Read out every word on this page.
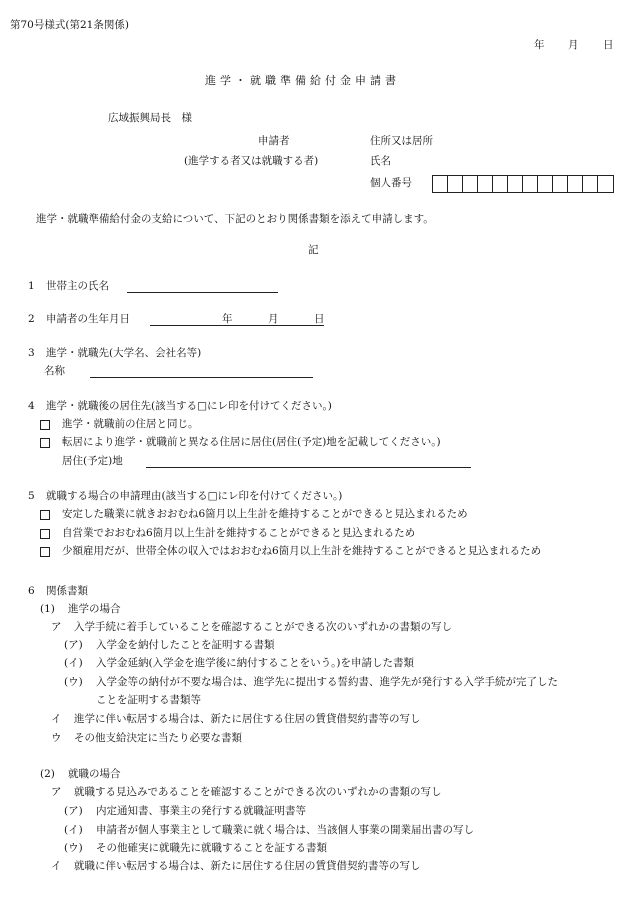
第70号様式(第21条関係)
年 月 日
進学・就職準備給付金申請書
広域振興局長　様
申請者
(進学する者又は就職する者)
住所又は居所
氏名
個人番号
進学・就職準備給付金の支給について、下記のとおり関係書類を添えて申請します。
記
1 世帯主の氏名
2 申請者の生年月日	年	月	日
3 進学・就職先(大学名、会社名等)
名称
4 進学・就職後の居住先(該当する□にレ印を付けてください。)
進学・就職前の住居と同じ。
転居により進学・就職前と異なる住居に居住(居住(予定)地を記載してください。)
居住(予定)地
5 就職する場合の申請理由(該当する□にレ印を付けてください。)
安定した職業に就きおおむね6箇月以上生計を維持することができると見込まれるため
自営業でおおむね6箇月以上生計を維持することができると見込まれるため
少額雇用だが、世帯全体の収入ではおおむね6箇月以上生計を維持することができると見込まれるため
6 関係書類
(1) 進学の場合
ア 入学手続に着手していることを確認することができる次のいずれかの書類の写し
(ア) 入学金を納付したことを証明する書類
(イ) 入学金延納(入学金を進学後に納付することをいう。)を申請した書類
(ウ) 入学金等の納付が不要な場合は、進学先に提出する誓約書、進学先が発行する入学手続が完了した
ことを証明する書類等
イ 進学に伴い転居する場合は、新たに居住する住居の賃貸借契約書等の写し
ウ その他支給決定に当たり必要な書類
(2) 就職の場合
ア 就職する見込みであることを確認することができる次のいずれかの書類の写し
(ア) 内定通知書、事業主の発行する就職証明書等
(イ) 申請者が個人事業主として職業に就く場合は、当該個人事業の開業届出書の写し
(ウ) その他確実に就職先に就職することを証する書類
イ 就職に伴い転居する場合は、新たに居住する住居の賃貸借契約書等の写し
